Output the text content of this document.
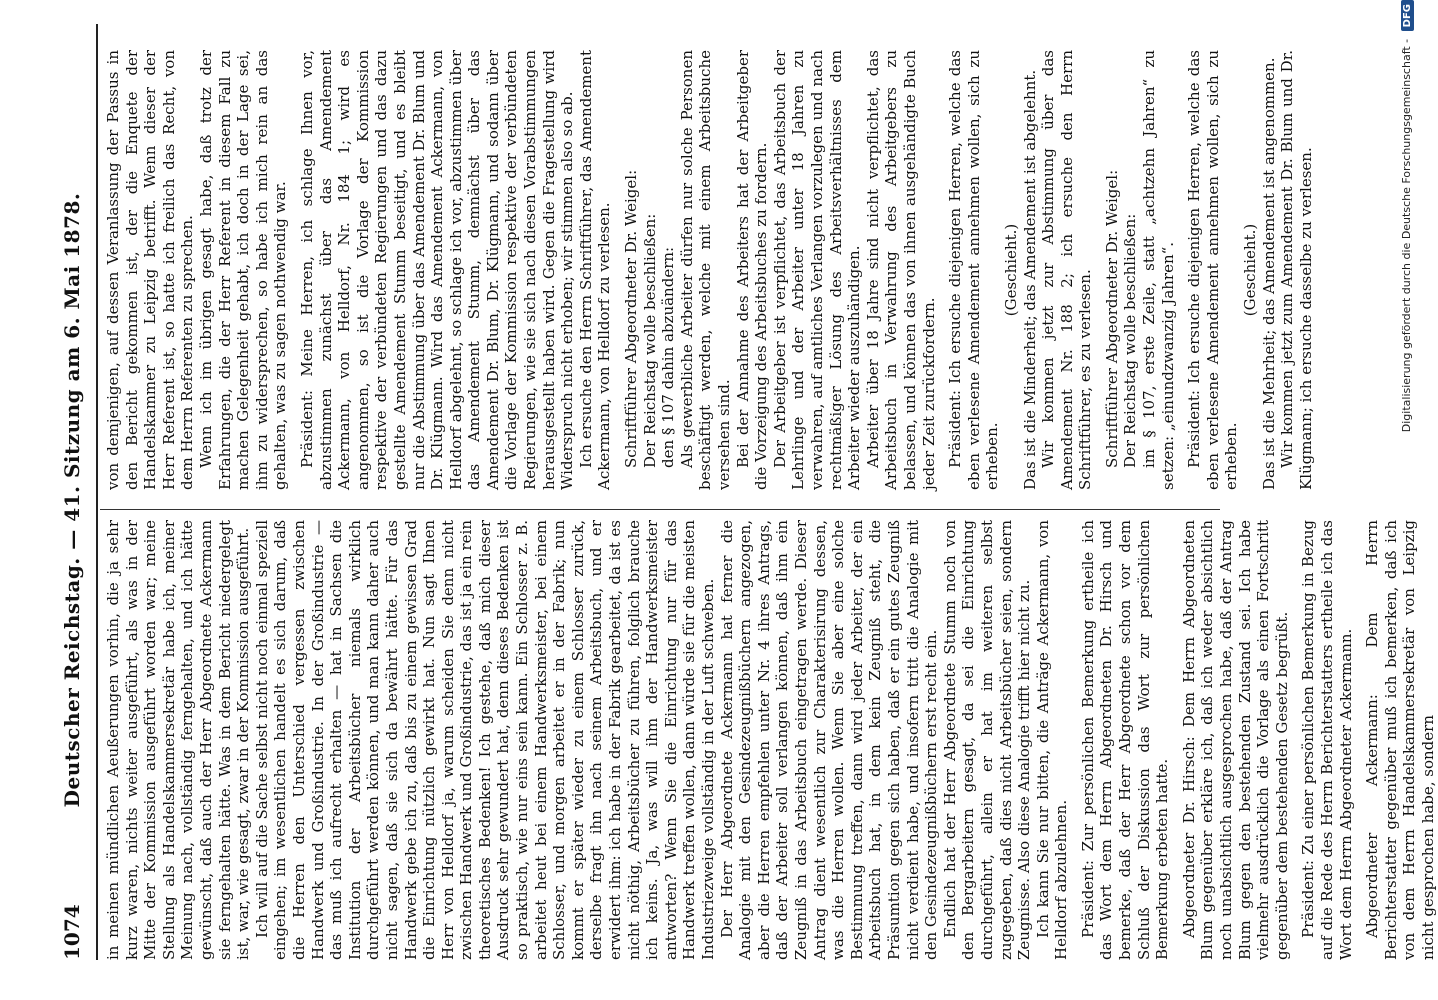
1074
Deutscher Reichstag. — 41. Sitzung am 6. Mai 1878. in meinen mündlichen Aeußerungen vorhin, die ja sehr kurz waren, nichts weiter ausgeführt, als was in der Mitte der Kommission ausgeführt worden war; meine Stellung als Handelskammersekretär habe ich, meiner Meinung nach, vollständig ferngehalten, und ich hätte gewünscht, daß auch der Herr Abgeordnete Ackermann sie ferngehalten hätte. Was in dem Bericht niedergelegt ist, war, wie gesagt, zwar in der Kommission ausgeführt. Ich will auf die Sache selbst nicht noch einmal speziell eingehen; im wesentlichen handelt es sich darum, daß die Herren den Unterschied vergessen zwischen Handwerk und Großindustrie. In der Großindustrie — das muß ich aufrecht erhalten — hat in Sachsen die Institution der Arbeitsbücher niemals wirklich durchgeführt werden können, und man kann daher auch nicht sagen, daß sie sich da bewährt hätte. Für das Handwerk gebe ich zu, daß bis zu einem gewissen Grad die Einrichtung nützlich gewirkt hat. Nun sagt Ihnen Herr von Helldorf ja, warum scheiden Sie denn nicht zwischen Handwerk und Großindustrie, das ist ja ein rein theoretisches Bedenken! Ich gestehe, daß mich dieser Ausdruck sehr gewundert hat, denn dieses Bedenken ist so praktisch, wie nur eins sein kann. Ein Schlosser z. B. arbeitet heut bei einem Handwerksmeister, bei einem Schlosser, und morgen arbeitet er in der Fabrik; nun kommt er später wieder zu einem Schlosser zurück, derselbe fragt ihn nach seinem Arbeitsbuch, und er erwidert ihm: ich habe in der Fabrik gearbeitet, da ist es nicht nöthig, Arbeitsbücher zu führen, folglich brauche ich keins. Ja, was will ihm der Handwerksmeister antworten? Wenn Sie die Einrichtung nur für das Handwerk treffen wollen, dann würde sie für die meisten Industriezweige vollständig in der Luft schweben. Der Herr Abgeordnete Ackermann hat ferner die Analogie mit den Gesindezeugnißbüchern angezogen, aber die Herren empfehlen unter Nr. 4 ihres Antrags, daß der Arbeiter soll verlangen können, daß ihm ein Zeugniß in das Arbeitsbuch eingetragen werde. Dieser Antrag dient wesentlich zur Charakterisirung dessen, was die Herren wollen. Wenn Sie aber eine solche Bestimmung treffen, dann wird jeder Arbeiter, der ein Arbeitsbuch hat, in dem kein Zeugniß steht, die Präsumtion gegen sich haben, daß er ein gutes Zeugniß nicht verdient habe, und insofern tritt die Analogie mit den Gesindezeugnißbüchern erst recht ein. Endlich hat der Herr Abgeordnete Stumm noch von den Bergarbeitern gesagt, da sei die Einrichtung durchgeführt, allein er hat im weiteren selbst zugegeben, daß dies nicht Arbeitsbücher seien, sondern Zeugnisse. Also diese Analogie trifft hier nicht zu. Ich kann Sie nur bitten, die Anträge Ackermann, von Helldorf abzulehnen. Präsident: Zur persönlichen Bemerkung ertheile ich das Wort dem Herrn Abgeordneten Dr. Hirsch und bemerke, daß der Herr Abgeordnete schon vor dem Schluß der Diskussion das Wort zur persönlichen Bemerkung erbeten hatte. Abgeordneter Dr. Hirsch: Dem Herrn Abgeordneten Blum gegenüber erkläre ich, daß ich weder absichtlich noch unabsichtlich ausgesprochen habe, daß der Antrag Blum gegen den bestehenden Zustand sei. Ich habe vielmehr ausdrücklich die Vorlage als einen Fortschritt gegenüber dem bestehenden Gesetz begrüßt. Präsident: Zu einer persönlichen Bemerkung in Bezug auf die Rede des Herrn Berichterstatters ertheile ich das Wort dem Herrn Abgeordneter Ackermann. Abgeordneter Ackermann: Dem Herrn Berichterstatter gegenüber muß ich bemerken, daß ich von dem Herrn Handelskammersekretär von Leipzig nicht gesprochen habe, sondern

von demjenigen, auf dessen Veranlassung der Passus in den Bericht gekommen ist, der die Enquete der Handelskammer zu Leipzig betrifft. Wenn dieser der Herr Referent ist, so hatte ich freilich das Recht, von dem Herrn Referenten zu sprechen. Wenn ich im übrigen gesagt habe, daß trotz der Erfahrungen, die der Herr Referent in diesem Fall zu machen Gelegenheit gehabt, ich doch in der Lage sei, ihm zu widersprechen, so habe ich mich rein an das gehalten, was zu sagen nothwendig war. Präsident: Meine Herren, ich schlage Ihnen vor, abzustimmen zunächst über das Amendement Ackermann, von Helldorf, Nr. 184 1; wird es angenommen, so ist die Vorlage der Kommission respektive der verbündeten Regierungen und das dazu gestellte Amendement Stumm beseitigt, und es bleibt nur die Abstimmung über das Amendement Dr. Blum und Dr. Klügmann. Wird das Amendement Ackermann, von Helldorf abgelehnt, so schlage ich vor, abzustimmen über das Amendement Stumm, demnächst über das Amendement Dr. Blum, Dr. Klügmann, und sodann über die Vorlage der Kommission respektive der verbündeten Regierungen, wie sie sich nach diesen Vorabstimmungen herausgestellt haben wird. Gegen die Fragestellung wird Widerspruch nicht erhoben; wir stimmen also so ab. Ich ersuche den Herrn Schriftführer, das Amendement Ackermann, von Helldorf zu verlesen. Schriftführer Abgeordneter Dr. Weigel: Der Reichstag wolle beschließen: den § 107 dahin abzuändern: Als gewerbliche Arbeiter dürfen nur solche Personen beschäftigt werden, welche mit einem Arbeitsbuche versehen sind. Bei der Annahme des Arbeiters hat der Arbeitgeber die Vorzeigung des Arbeitsbuches zu fordern. Der Arbeitgeber ist verpflichtet, das Arbeitsbuch der Lehrlinge und der Arbeiter unter 18 Jahren zu verwahren, auf amtliches Verlangen vorzulegen und nach rechtmäßiger Lösung des Arbeitsverhältnisses dem Arbeiter wieder auszuhändigen. Arbeiter über 18 Jahre sind nicht verpflichtet, das Arbeitsbuch in Verwahrung des Arbeitgebers zu belassen, und können das von ihnen ausgehändigte Buch jeder Zeit zurückfordern. Präsident: Ich ersuche diejenigen Herren, welche das eben verlesene Amendement annehmen wollen, sich zu erheben.

(Geschieht.) Das ist die Minderheit; das Amendement ist abgelehnt. Wir kommen jetzt zur Abstimmung über das Amendement Nr. 188 2; ich ersuche den Herrn Schriftführer, es zu verlesen. Schriftführer Abgeordneter Dr. Weigel: Der Reichstag wolle beschließen: im § 107, erste Zeile, statt „achtzehn Jahren“ zu setzen: „einundzwanzig Jahren“. Präsident: Ich ersuche diejenigen Herren, welche das eben verlesene Amendement annehmen wollen, sich zu erheben.

(Geschieht.) Das ist die Mehrheit; das Amendement ist angenommen. Wir kommen jetzt zum Amendement Dr. Blum und Dr. Klügmann; ich ersuche dasselbe zu verlesen.	Digitalisierung gefördert durch die Deutsche Forschungsgemeinschaft - DFG
